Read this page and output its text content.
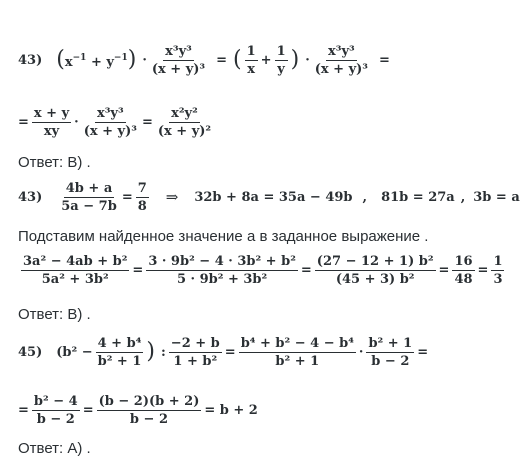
43) $(x^{-1} + y^{-1}) \cdot \frac{\text{x³y³}}{\text{(x + y)³}}$ = ( $\frac{1}{x} + \frac{1}{y}$ ) · $\frac{\text{x³y³}}{\text{(x + y)³}}$ =
= $\frac{x + y}{xy} \cdot \frac{\text{x³y³}}{\text{(x + y)³}} = \frac{\text{x²y²}}{\text{(x + y)²}}$
Ответ: В) .
$43) \frac{4b + a}{5a - 7b} = \frac{7}{8}$ ⇒ 32b + 8a = 35a − 49b , 81b = 27a , 3b = a
Подставим найденное значение а в заданное выражение .
$\frac{\text{3a² − 4ab + b²}}{\text{5a² + 3b²}} = \frac{\text{3 · 9b² − 4 · 3b² + b²}}{\text{5 · 9b² + 3b²}} = \frac{\text{(27 − 12 + 1) b²}}{\text{(45 + 3) b²}} = \frac{16}{48} = \frac{1}{3}$
Ответ: В) .
45) ($b^2 - \frac{\text{4 + b⁴}}{\text{b² + 1}}$ ) : $\frac{-2 + b}{\text{1 + b²}} = \frac{\text{b⁴ + b² − 4 − b⁴}}{\text{b² + 1}} \cdot \frac{\text{b² + 1}}{b - 2}$ =
= $\frac{\text{b² − 4}}{b - 2} = \frac{(b - 2)(b + 2)}{b - 2} = b + 2$
Ответ: А) .
